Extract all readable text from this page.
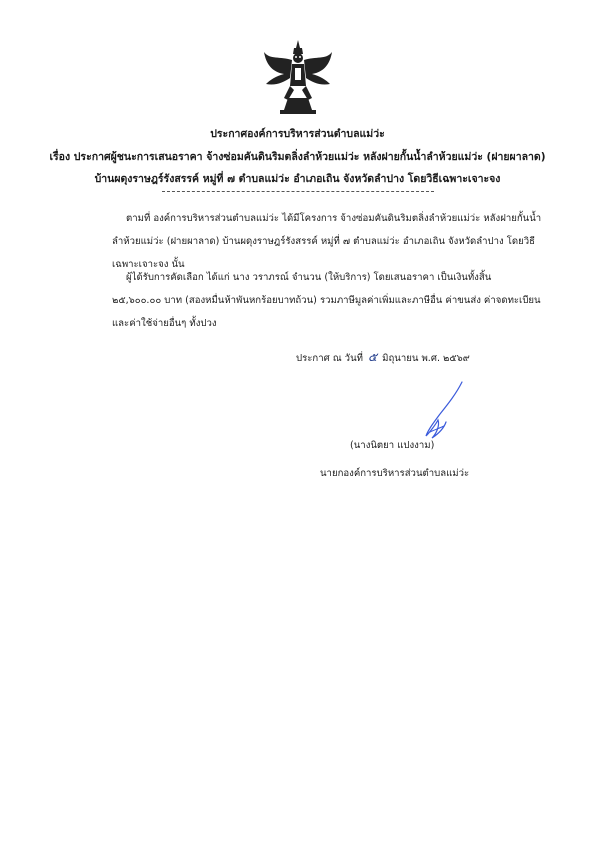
ประกาศองค์การบริหารส่วนตำบลแม่ว่ะ
เรื่อง ประกาศผู้ชนะการเสนอราคา จ้างซ่อมคันดินริมตลิ่งลำห้วยแม่ว่ะ หลังฝายกั้นน้ำลำห้วยแม่ว่ะ (ฝายผาลาด)
บ้านผดุงราษฎร์รังสรรค์ หมู่ที่ ๗ ตำบลแม่ว่ะ อำเภอเถิน จังหวัดลำปาง โดยวิธีเฉพาะเจาะจง
ตามที่ องค์การบริหารส่วนตำบลแม่ว่ะ ได้มีโครงการ จ้างซ่อมคันดินริมตลิ่งลำห้วยแม่ว่ะ หลังฝายกั้นน้ำลำห้วยแม่ว่ะ (ฝายผาลาด) บ้านผดุงราษฎร์รังสรรค์ หมู่ที่ ๗ ตำบลแม่ว่ะ อำเภอเถิน จังหวัดลำปาง โดยวิธีเฉพาะเจาะจง นั้น
ผู้ได้รับการคัดเลือก ได้แก่ นาง วราภรณ์ จำนวน (ให้บริการ) โดยเสนอราคา เป็นเงินทั้งสิ้น ๒๕,๖๐๐.๐๐ บาท (สองหมื่นห้าพันหกร้อยบาทถ้วน) รวมภาษีมูลค่าเพิ่มและภาษีอื่น ค่าขนส่ง ค่าจดทะเบียน และค่าใช้จ่ายอื่นๆ ทั้งปวง
ประกาศ ณ วันที่ ๕ มิถุนายน พ.ศ. ๒๕๖๙
(นางนิตยา แปงงาม)
นายกองค์การบริหารส่วนตำบลแม่ว่ะ
